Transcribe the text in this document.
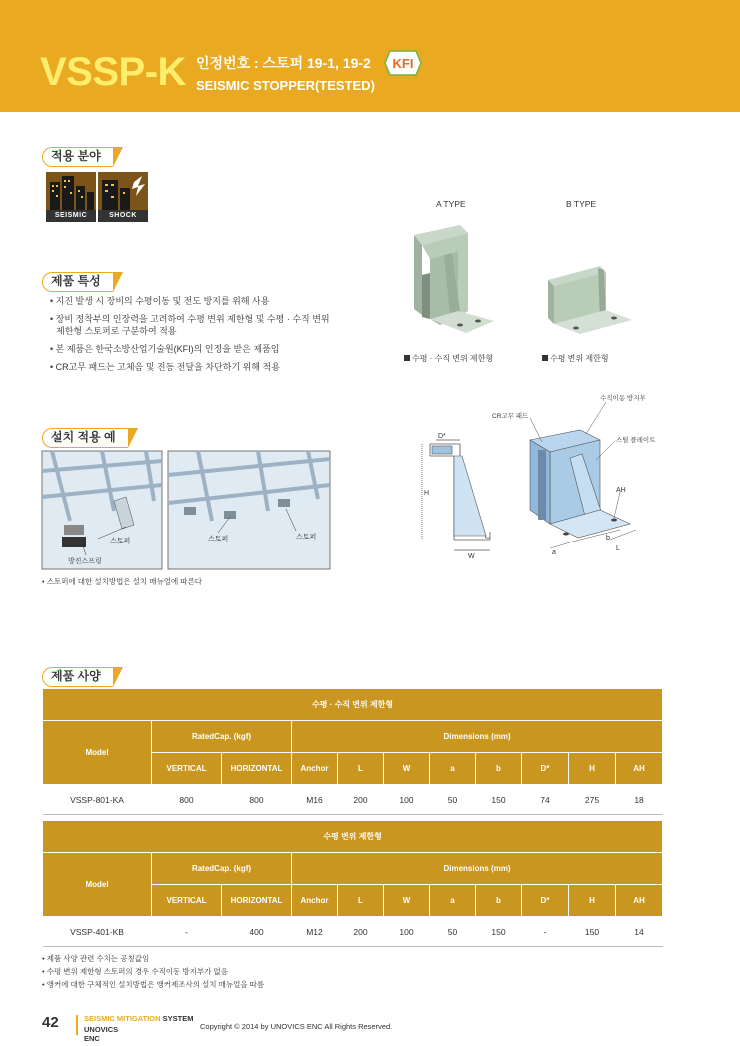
VSSP-K 인정번호 : 스토퍼 19-1, 19-2 KFI
SEISMIC STOPPER(TESTED)
적용 분야
SEISMIC	SHOCK
제품 특성
• 지진 발생 시 장비의 수평이동 및 전도 방지를 위해 사용
• 장비 정착부의 인장력을 고려하여 수평 변위 제한형 및 수평 · 수직 변위
제한형 스토퍼로 구분하여 적용
• 본 제품은 한국소방산업기술원(KFI)의 인정을 받은 제품임
• CR고무 패드는 고체음 및 진동 전달을 차단하기 위해 적용
A TYPE	B TYPE
수평 · 수직 변위 제한형	수평 변위 제한형
D*
H
W
CR고무 패드
수직이동 방지부
스틸 플레이트
AH
a
b
L
설치 적용 예
스토퍼
방진스프링
스토퍼	스토퍼
• 스토퍼에 대한 설치방법은 설치 매뉴얼에 따른다
제품 사양
수평 · 수직 변위 제한형										
Model	RatedCap. (kgf)		Dimensions (mm)							
	VERTICAL	HORIZONTAL	Anchor	L	W	a	b	D*	H	AH
VSSP-801-KA	800	800	M16	200	100	50	150	74	275	18
수평 변위 제한형										
Model	RatedCap. (kgf)		Dimensions (mm)							
	VERTICAL	HORIZONTAL	Anchor	L	W	a	b	D*	H	AH
VSSP-401-KB	-	400	M12	200	100	50	150	-	150	14
• 제품 사양 관련 수치는 공칭값임
• 수평 변위 제한형 스토퍼의 경우 수직이동 방지부가 없음
• 앵커에 대한 구체적인 설치방법은 앵커제조사의 설치 매뉴얼을 따름
42	SEISMIC MITIGATION SYSTEM
UNOVICS ENC
Copyright © 2014 by UNOVICS ENC All Rights Reserved.
